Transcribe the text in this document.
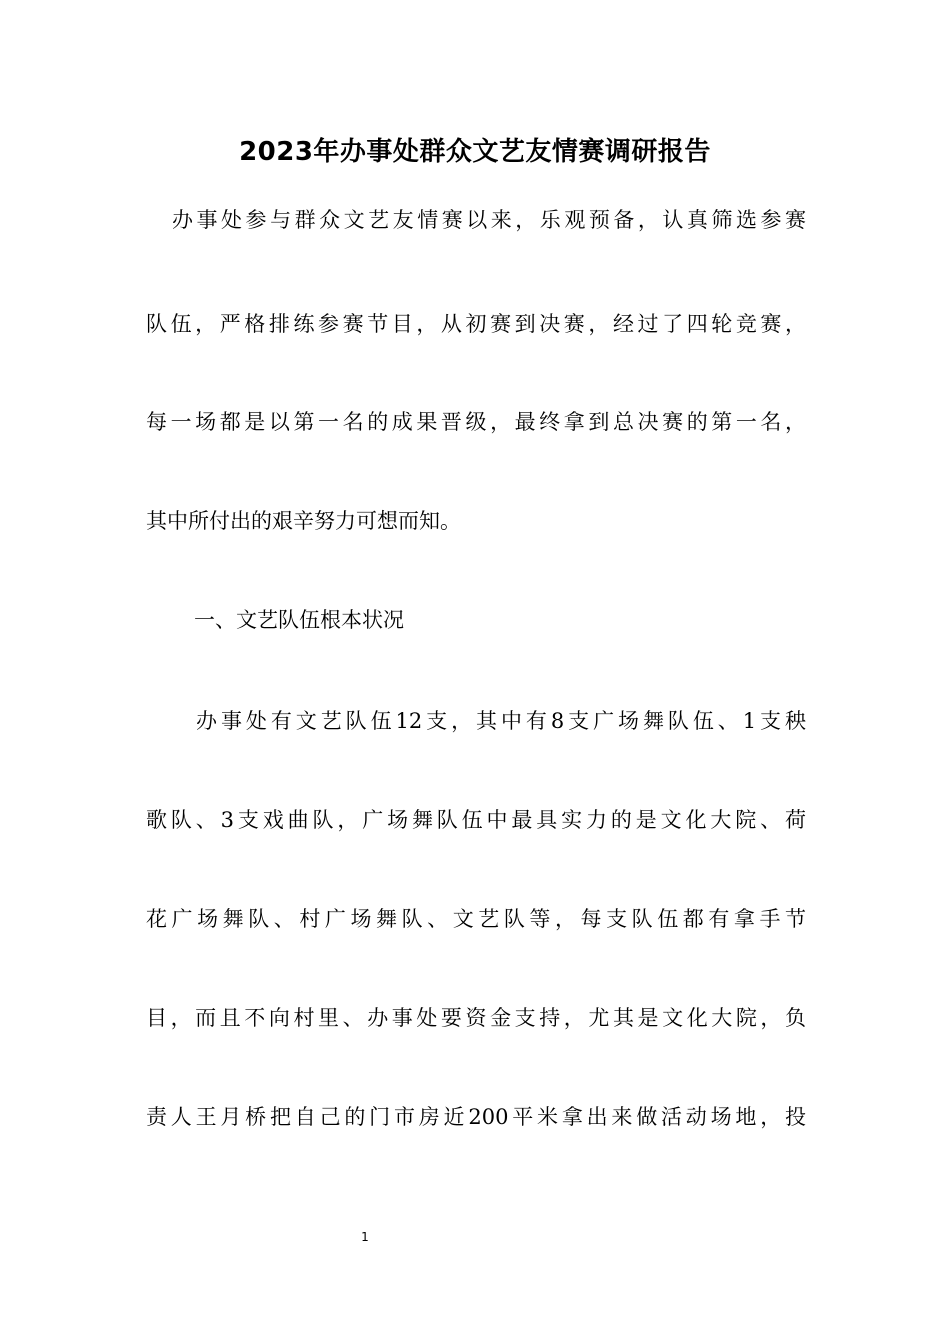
2023年办事处群众文艺友情赛调研报告
办事处参与群众文艺友情赛以来，乐观预备，认真筛选参赛
队伍，严格排练参赛节目，从初赛到决赛，经过了四轮竞赛，
每一场都是以第一名的成果晋级，最终拿到总决赛的第一名，
其中所付出的艰辛努力可想而知。
一、文艺队伍根本状况
办事处有文艺队伍12支，其中有8支广场舞队伍、1支秧
歌队、3支戏曲队，广场舞队伍中最具实力的是文化大院、荷
花广场舞队、村广场舞队、文艺队等，每支队伍都有拿手节
目，而且不向村里、办事处要资金支持，尤其是文化大院，负
责人王月桥把自己的门市房近200平米拿出来做活动场地，投
1
